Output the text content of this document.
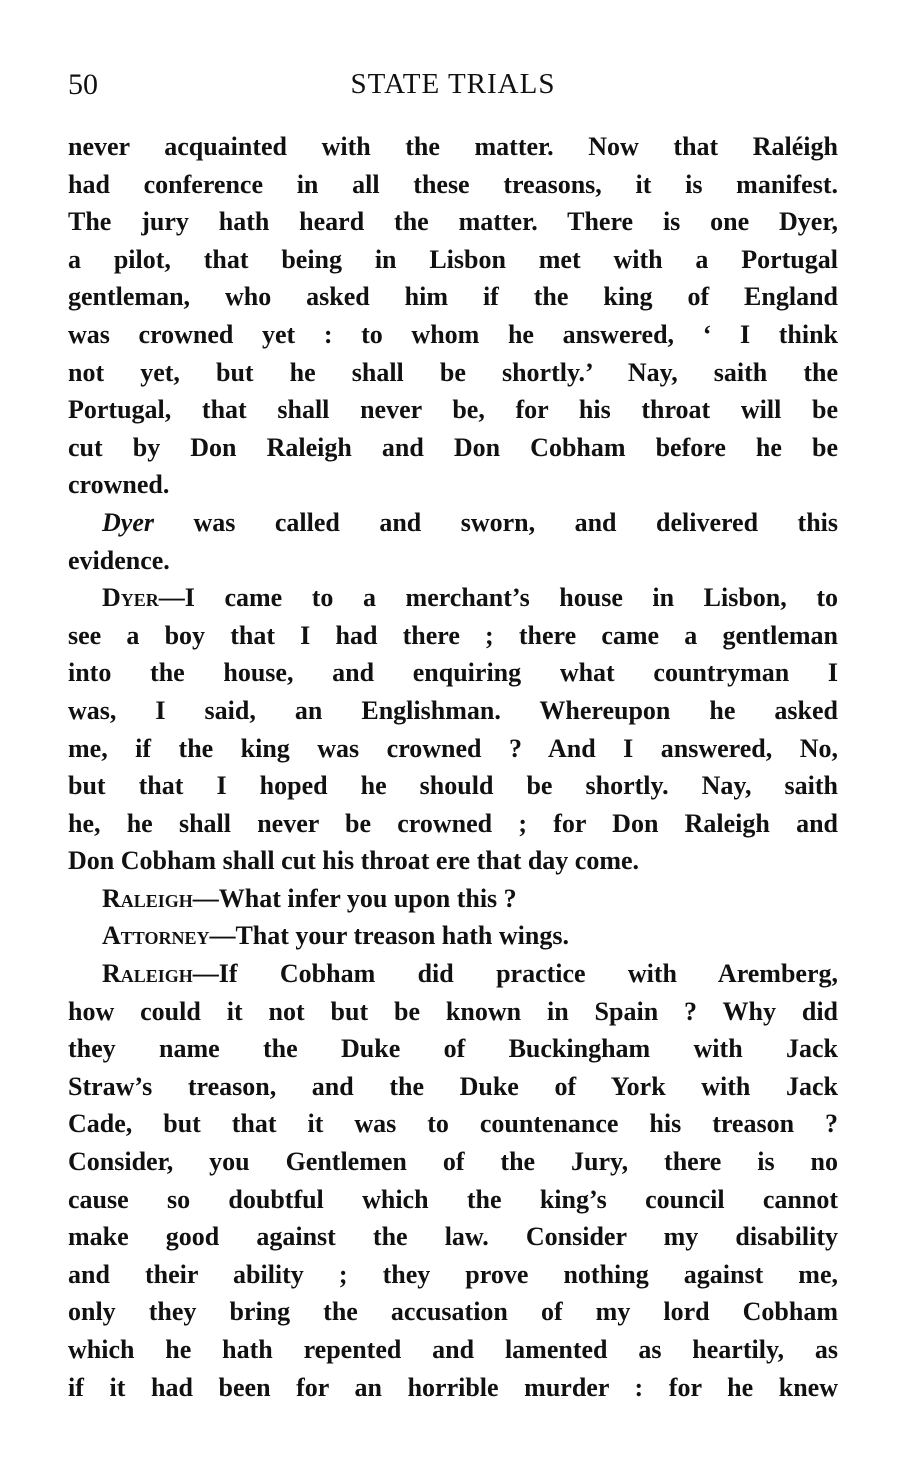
50	STATE TRIALS
never acquainted with the matter. Now that Raléigh
had conference in all these treasons, it is manifest.
The jury hath heard the matter. There is one Dyer,
a pilot, that being in Lisbon met with a Portugal
gentleman, who asked him if the king of England
was crowned yet : to whom he answered, ‘ I think
not yet, but he shall be shortly.’ Nay, saith the
Portugal, that shall never be, for his throat will be
cut by Don Raleigh and Don Cobham before he be
crowned.
Dyer was called and sworn, and delivered this
evidence.
Dyer—I came to a merchant’s house in Lisbon, to
see a boy that I had there ; there came a gentleman
into the house, and enquiring what countryman I
was, I said, an Englishman. Whereupon he asked
me, if the king was crowned ? And I answered, No,
but that I hoped he should be shortly. Nay, saith
he, he shall never be crowned ; for Don Raleigh and
Don Cobham shall cut his throat ere that day come.
Raleigh—What infer you upon this ?
Attorney—That your treason hath wings.
Raleigh—If Cobham did practice with Aremberg,
how could it not but be known in Spain ? Why did
they name the Duke of Buckingham with Jack
Straw’s treason, and the Duke of York with Jack
Cade, but that it was to countenance his treason ?
Consider, you Gentlemen of the Jury, there is no
cause so doubtful which the king’s council cannot
make good against the law. Consider my disability
and their ability ; they prove nothing against me,
only they bring the accusation of my lord Cobham
which he hath repented and lamented as heartily, as
if it had been for an horrible murder : for he knew
